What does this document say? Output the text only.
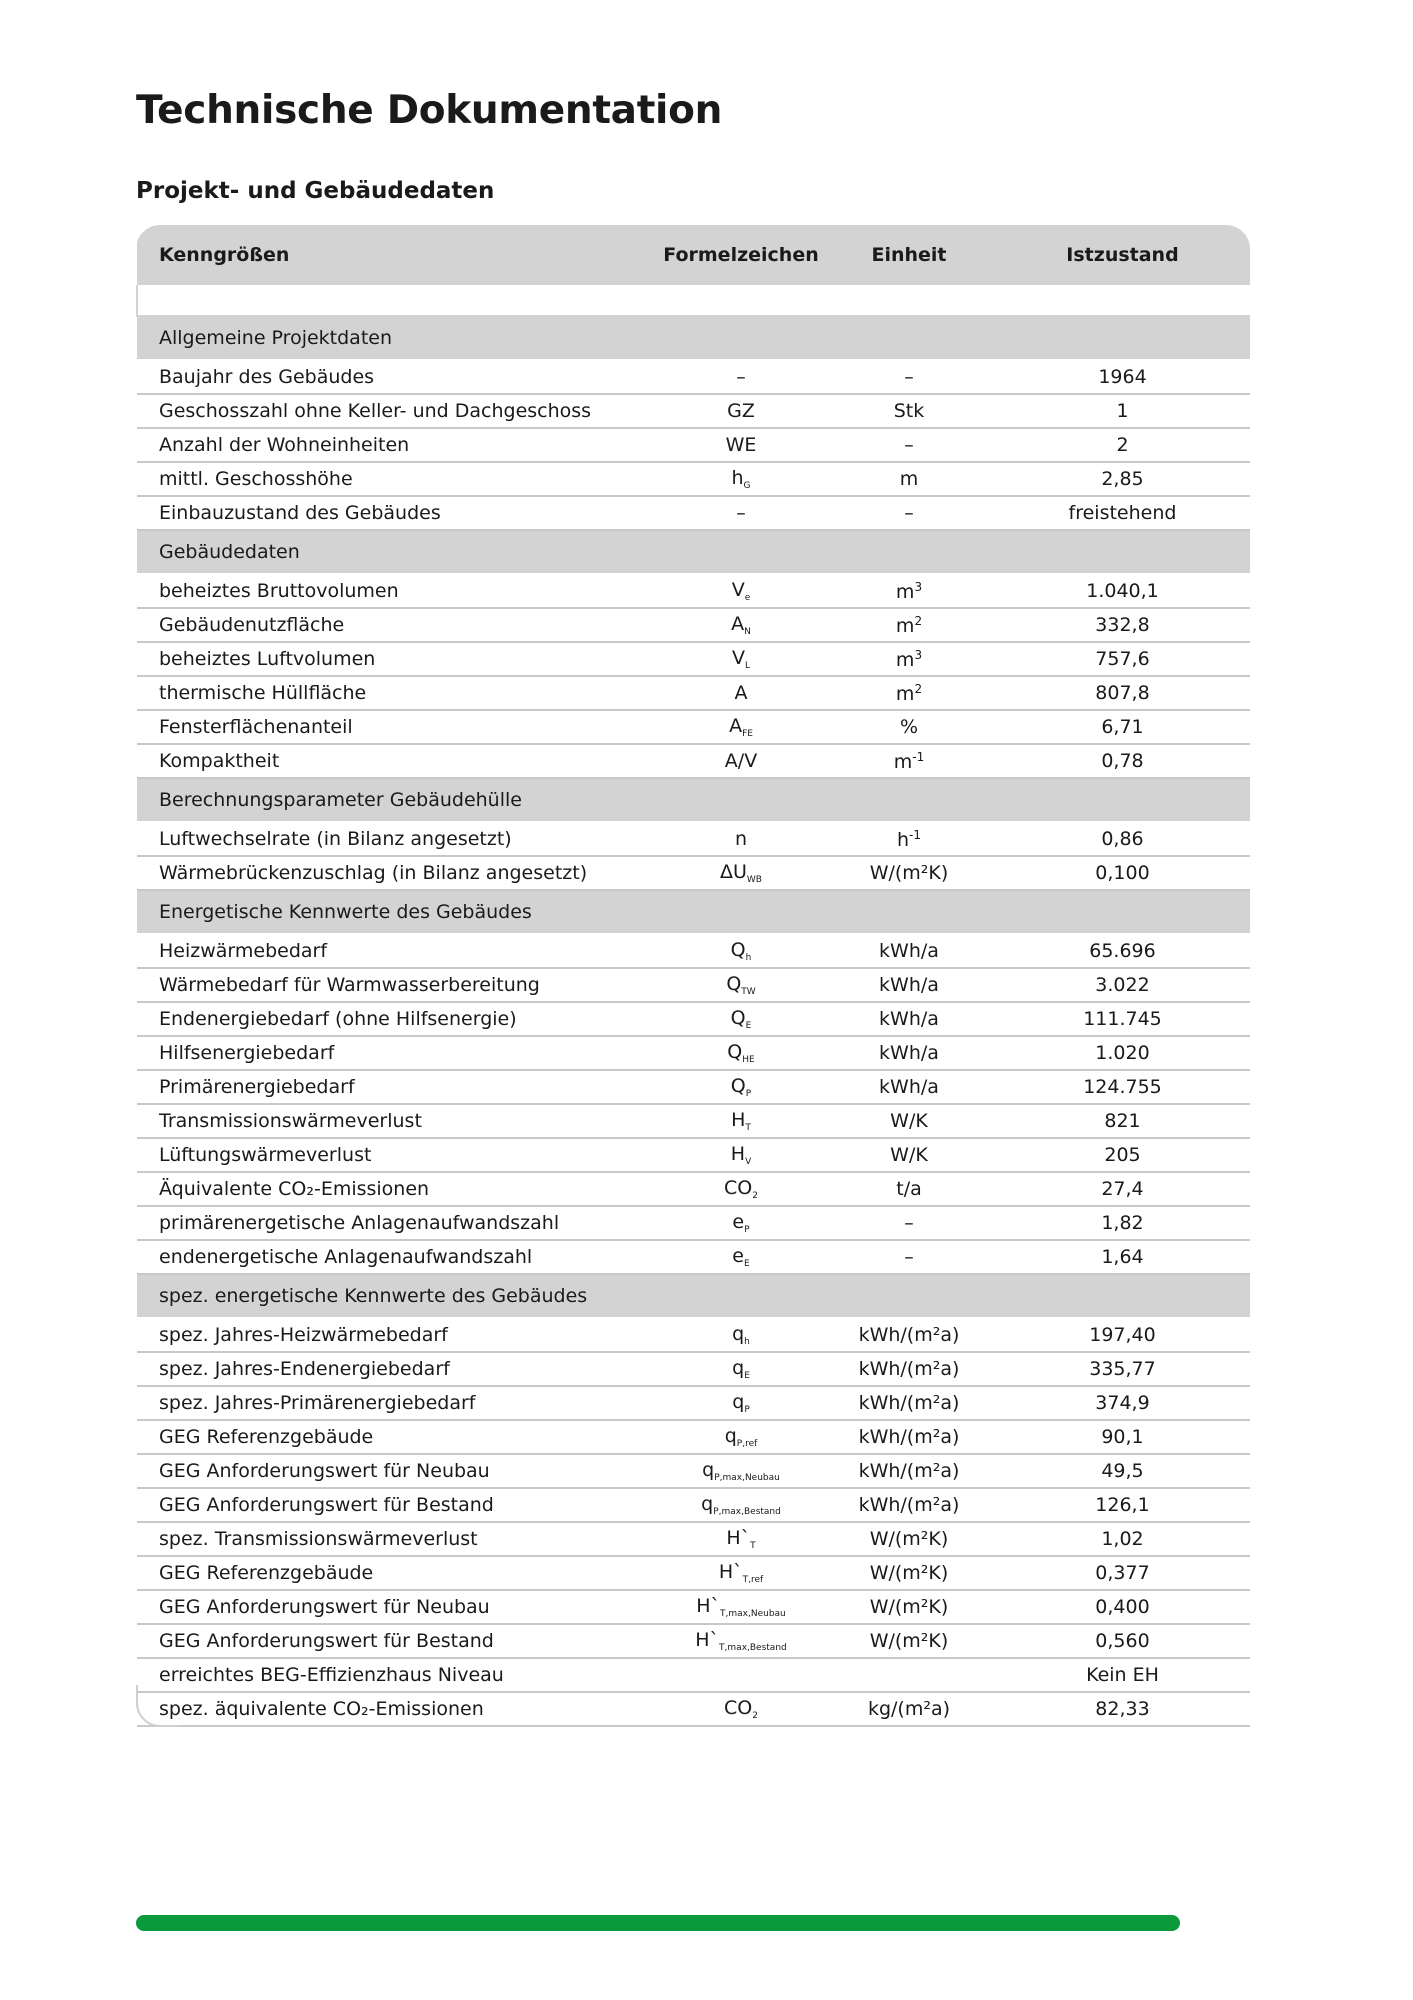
Technische Dokumentation
Projekt- und Gebäudedaten
Kenngrößen	Formelzeichen	Einheit	Istzustand

Allgemeine Projektdaten			
Baujahr des Gebäudes	–	–	1964
Geschosszahl ohne Keller- und Dachgeschoss	GZ	Stk	1
Anzahl der Wohneinheiten	WE	–	2
mittl. Geschosshöhe	$h_G$	m	2,85
Einbauzustand des Gebäudes	–	–	freistehend
Gebäudedaten			
beheiztes Bruttovolumen	$V_e$	$m^3$	1.040,1
Gebäudenutzfläche	$A_N$	$m^2$	332,8
beheiztes Luftvolumen	$V_L$	$m^3$	757,6
thermische Hüllfläche	A	$m^2$	807,8
Fensterflächenanteil	$A_{FE}$	%	6,71
Kompaktheit	A/V	$m^{-1}$	0,78
Berechnungsparameter Gebäudehülle			
Luftwechselrate (in Bilanz angesetzt)	n	$h^{-1}$	0,86
Wärmebrückenzuschlag (in Bilanz angesetzt)	$\Delta U_{WB}$	W/(m²K)	0,100
Energetische Kennwerte des Gebäudes			
Heizwärmebedarf	$Q_h$	kWh/a	65.696
Wärmebedarf für Warmwasserbereitung	$Q_{TW}$	kWh/a	3.022
Endenergiebedarf (ohne Hilfsenergie)	$Q_E$	kWh/a	111.745
Hilfsenergiebedarf	$Q_{HE}$	kWh/a	1.020
Primärenergiebedarf	$Q_P$	kWh/a	124.755
Transmissionswärmeverlust	$H_T$	W/K	821
Lüftungswärmeverlust	$H_V$	W/K	205
Äquivalente CO₂-Emissionen	$CO_2$	t/a	27,4
primärenergetische Anlagenaufwandszahl	$e_P$	–	1,82
endenergetische Anlagenaufwandszahl	$e_E$	–	1,64
spez. energetische Kennwerte des Gebäudes			
spez. Jahres-Heizwärmebedarf	$q_h$	kWh/(m²a)	197,40
spez. Jahres-Endenergiebedarf	$q_E$	kWh/(m²a)	335,77
spez. Jahres-Primärenergiebedarf	$q_P$	kWh/(m²a)	374,9
GEG Referenzgebäude	$q_{P,ref}$	kWh/(m²a)	90,1
GEG Anforderungswert für Neubau	$q_{P,max,Neubau}$	kWh/(m²a)	49,5
GEG Anforderungswert für Bestand	$q_{P,max,Bestand}$	kWh/(m²a)	126,1
spez. Transmissionswärmeverlust	$H`_T$	W/(m²K)	1,02
GEG Referenzgebäude	$H`_{T,ref}$	W/(m²K)	0,377
GEG Anforderungswert für Neubau	$H`_{T,max,Neubau}$	W/(m²K)	0,400
GEG Anforderungswert für Bestand	$H`_{T,max,Bestand}$	W/(m²K)	0,560
erreichtes BEG-Effizienzhaus Niveau			Kein EH
spez. äquivalente CO₂-Emissionen	$CO_2$	kg/(m²a)	82,33
